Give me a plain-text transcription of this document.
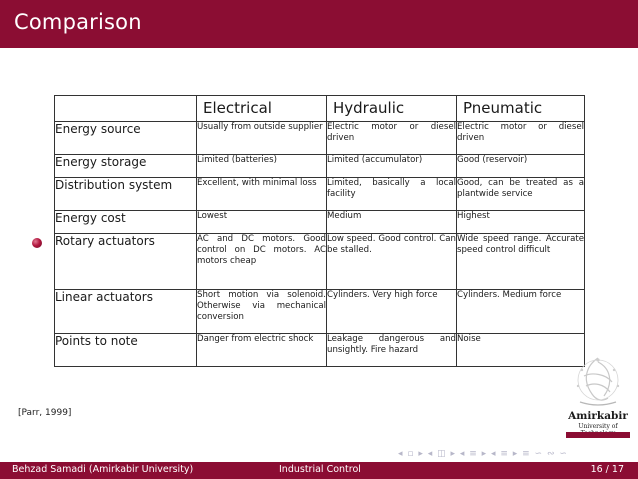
Comparison
	Electrical	Hydraulic	Pneumatic
Energy source	Usually from outside supplier	Electric motor or diesel driven	Electric motor or diesel driven
Energy storage	Limited (batteries)	Limited (accumulator)	Good (reservoir)
Distribution system	Excellent, with minimal loss	Limited, basically a local facility	Good, can be treated as a plantwide service
Energy cost	Lowest	Medium	Highest
Rotary actuators	AC and DC motors. Good control on DC motors. AC motors cheap	Low speed. Good control. Can be stalled.	Wide speed range. Accurate speed control difficult
Linear actuators	Short motion via solenoid. Otherwise via mechanical conversion	Cylinders. Very high force	Cylinders. Medium force
Points to note	Danger from electric shock	Leakage dangerous and unsightly. Fire hazard	Noise
[Parr, 1999]	Amirkabir
University of
◂ ▫ ▸ ◂ ◫ ▸ ◂ ≡ ▸ ◂ ≡ ▸ ≡ ∽ ∾ ∽
Behzad Samadi (Amirkabir University)	Industrial Control	16 / 17
